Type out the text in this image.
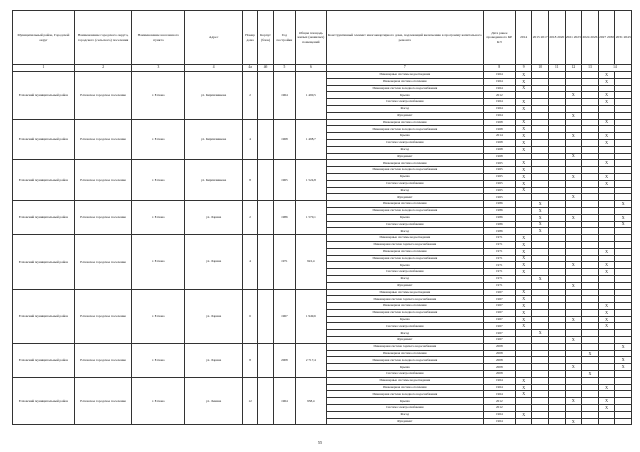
Муниципальный район, Городской округ	Наименование городского округа, городского (сельского) поселения	Наименование населенного пункта	Адрес	Номер дома	Корпус (блок)	Год постройки	Общая площадь жилых (нежилых) помещений	Конструктивный элемент многоквартирного дома, подлежащий включению в программу капитального ремонта	Дата ранее проведенного КР КЭ	2014	2015 2017	2018 2020	2021 2023	2024 2026	2027 2030	2031 2043
1	2	3	4	4а	4б	5	6	7	8	9	10	11	12	13	14	
Елховский муниципальный район	Елховское городское поселение	г. Елхово	ул. Кирпичникова	2		1964	1 490,5	Инженерные системы водоотведения	1964	X					X	
								Инженерная система отопления	1964	X					X	
								Инженерная система холодного водоснабжения	1964	X						
								Крыша	2012				X		X	
								Система электроснабжения	1964	X					X	
								Фасад	1964	X						
								Фундамент	1964				X			
Елховский муниципальный район	Елховское городское поселение	г. Елхово	ул. Кирпичникова	4		1968	1 498,7	Инженерная система отопления	1968	X					X	
								Инженерная система холодного водоснабжения	1968	X						
								Крыша	2014	X			X		X	
								Система электроснабжения	1968	X					X	
								Фасад	1968	X						
								Фундамент	1968				X			
Елховский муниципальный район	Елховское городское поселение	г. Елхово	ул. Кирпичникова	8		1965	1 524,8	Инженерная система отопления	1965	X					X	
								Инженерная система холодного водоснабжения	1965	X						
								Крыша	1965	X			X		X	
								Система электроснабжения	1965	X					X	
								Фасад	1965	X						
								Фундамент	1965				X			
Елховский муниципальный район	Елховское городское поселение	г. Елхово	ул. Ларина	2		1986	1 570,1	Инженерная система отопления	1986		X					X
								Инженерная система холодного водоснабжения	1986		X					
								Крыша	1986		X		X			X
								Система электроснабжения	1986		X					X
								Фасад	1986		X					
Елховский муниципальный район	Елховское городское поселение	г. Елхово	ул. Ларина	4		1971	922,4	Инженерные системы водоотведения	1971	X						
								Инженерная система горячего водоснабжения	1971	X						
								Инженерная система отопления	1971	X					X	
								Инженерная система холодного водоснабжения	1971	X						
								Крыша	1971	X			X		X	
								Система электроснабжения	1971	X					X	
								Фасад	1971		X					
								Фундамент	1971				X			
Елховский муниципальный район	Елховское городское поселение	г. Елхово	ул. Ларина	6		1967	1 949,6	Инженерные системы водоотведения	1967	X						
								Инженерная система горячего водоснабжения	1967	X						
								Инженерная система отопления	1967	X					X	
								Инженерная система холодного водоснабжения	1967	X					X	
								Крыша	1967	X			X		X	
								Система электроснабжения	1967	X					X	
								Фасад	1967		X					
								Фундамент	1967				X			
Елховский муниципальный район	Елховское городское поселение	г. Елхово	ул. Ларина	8		2008	2 717,4	Инженерная система горячего водоснабжения	2008							X
								Инженерная система отопления	2008					X		
								Инженерная система холодного водоснабжения	2008							X
								Крыша	2008				X			X
								Система электроснабжения	2008					X		
Елховский муниципальный район	Елховское городское поселение	г. Елхово	ул. Ленина	12		1964	938,4	Инженерные системы водоотведения	1964	X						
								Инженерная система отопления	1964	X					X	
								Инженерная система холодного водоснабжения	1964	X						
								Крыша	2012				X		X	
								Система электроснабжения	2012						X	
								Фасад	1964	X						
								Фундамент	1964				X			
55
